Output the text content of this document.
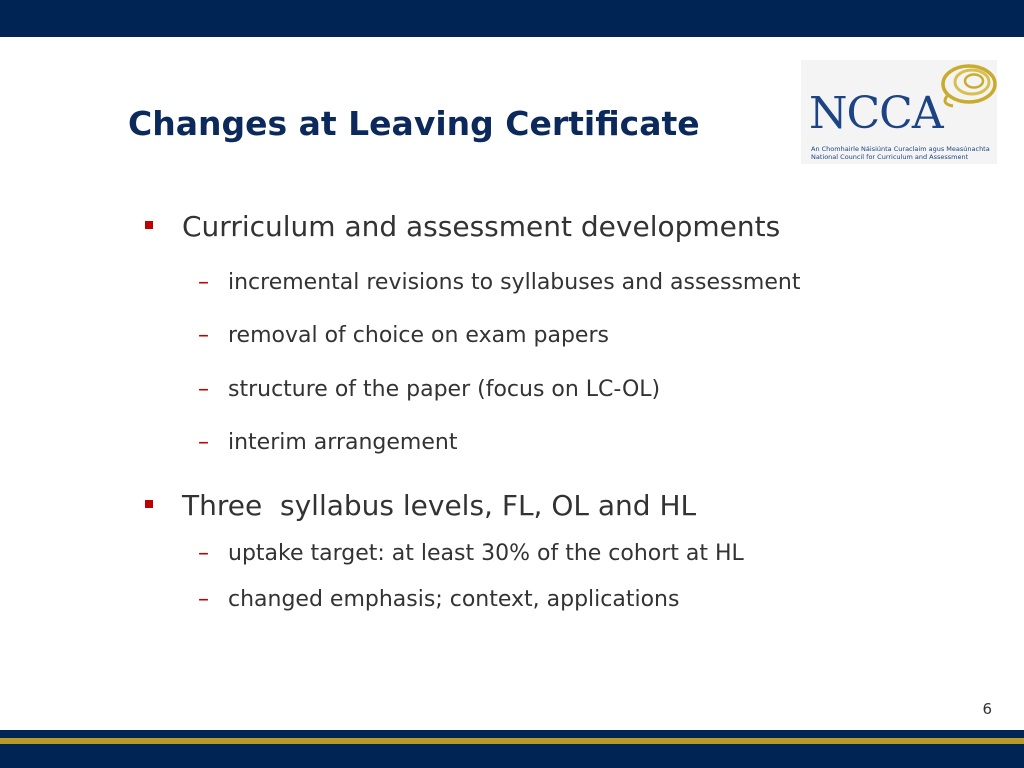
Changes at Leaving Certificate NCCA
An Chomhairle Náisiúnta Curaclaim agus Measúnachta
National Council for Curriculum and Assessment
Curriculum and assessment developments
– incremental revisions to syllabuses and assessment
– removal of choice on exam papers
– structure of the paper (focus on LC-OL)
– interim arrangement
Three  syllabus levels, FL, OL and HL
– uptake target: at least 30% of the cohort at HL
– changed emphasis; context, applications
6
